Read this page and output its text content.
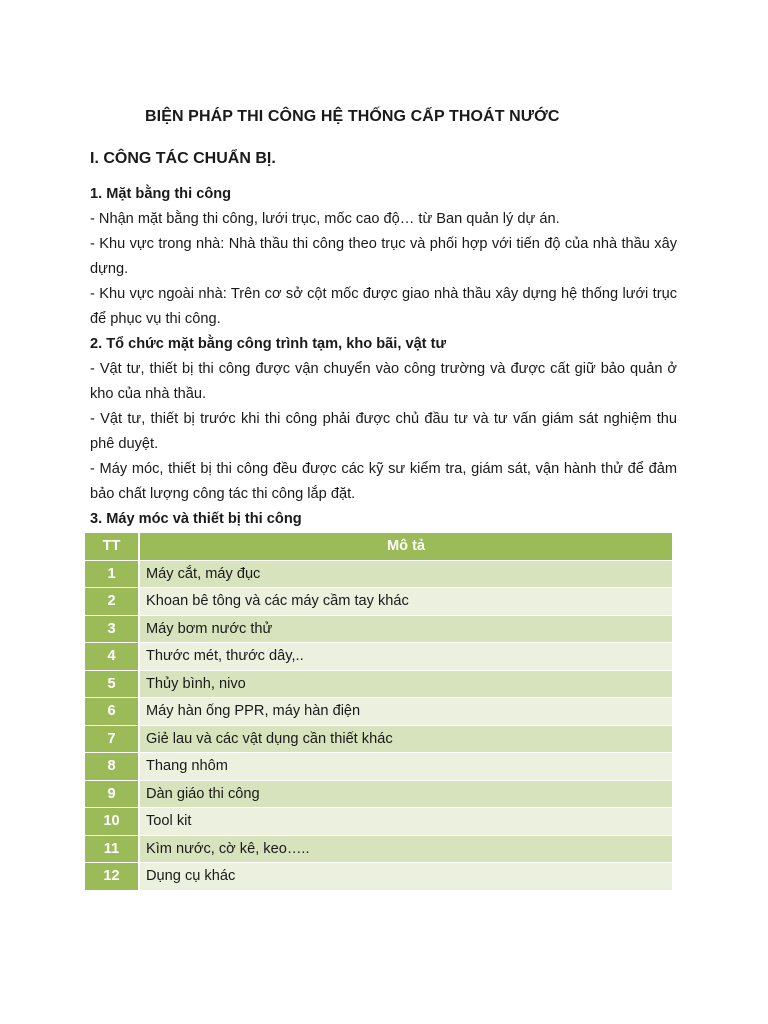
BIỆN PHÁP THI CÔNG HỆ THỐNG CẤP THOÁT NƯỚC
I. CÔNG TÁC CHUẨN BỊ.

1. Mặt bằng thi công

- Nhận mặt bằng thi công, lưới trục, mốc cao độ… từ Ban quản lý dự án.

- Khu vực trong nhà: Nhà thầu thi công theo trục và phối hợp với tiến độ của nhà thầu xây dựng.

- Khu vực ngoài nhà: Trên cơ sở cột mốc được giao nhà thầu xây dựng hệ thống lưới trục để phục vụ thi công.

2. Tổ chức mặt bằng công trình tạm, kho bãi, vật tư

- Vật tư, thiết bị thi công được vận chuyển vào công trường và được cất giữ bảo quản ở kho của nhà thầu.

- Vật tư, thiết bị trước khi thi công phải được chủ đầu tư và tư vấn giám sát nghiệm thu phê duyệt.

- Máy móc, thiết bị thi công đều được các kỹ sư kiểm tra, giám sát, vận hành thử để đảm bảo chất lượng công tác thi công lắp đặt.

3. Máy móc và thiết bị thi công

TT	Mô tả
1	Máy cắt, máy đục
2	Khoan bê tông và các máy cầm tay khác
3	Máy bơm nước thử
4	Thước mét, thước dây,..
5	Thủy bình, nivo
6	Máy hàn ống PPR, máy hàn điện
7	Giẻ lau và các vật dụng cần thiết khác
8	Thang nhôm
9	Dàn giáo thi công
10	Tool kit
11	Kìm nước, cờ kê, keo…..
12	Dụng cụ khác
